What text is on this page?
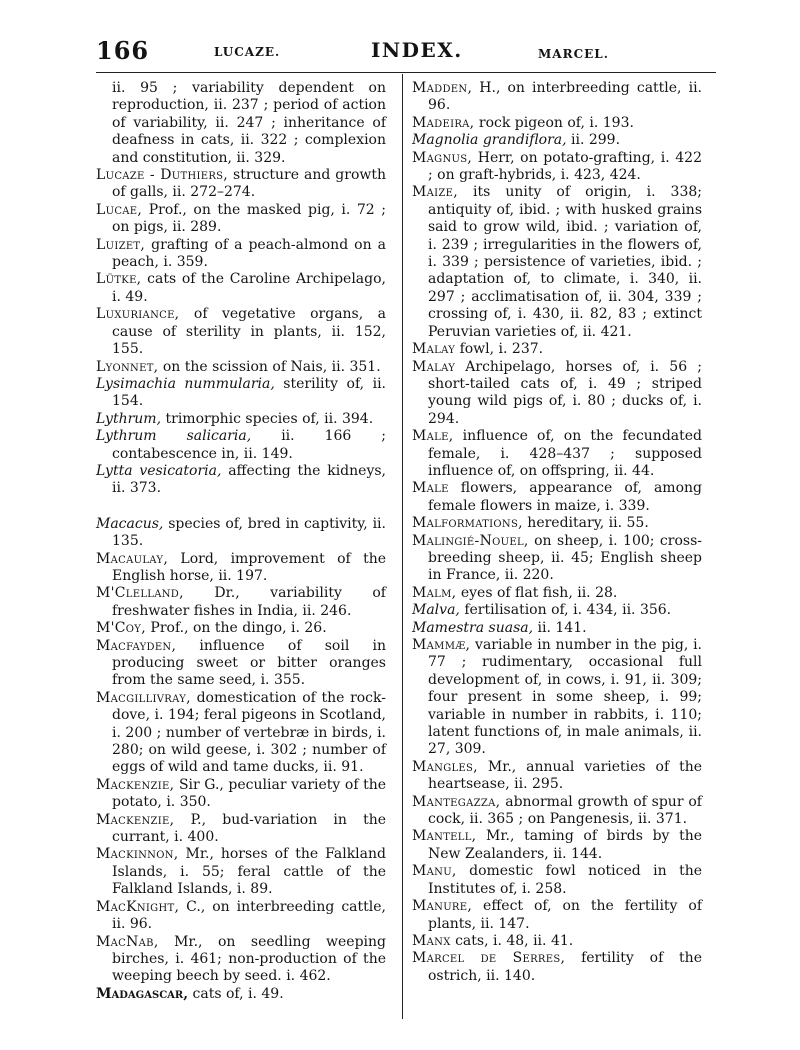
166	LUCAZE.	INDEX.	MARCEL.

ii. 95 ; variability dependent on reproduction, ii. 237 ; period of action of variability, ii. 247 ; inheritance of deafness in cats, ii. 322 ; complexion and constitution, ii. 329.

Lucaze - Duthiers, structure and growth of galls, ii. 272–274.

Lucae, Prof., on the masked pig, i. 72 ; on pigs, ii. 289.

Luizet, grafting of a peach-almond on a peach, i. 359.

Lütke, cats of the Caroline Archipelago, i. 49.

Luxuriance, of vegetative organs, a cause of sterility in plants, ii. 152, 155.

Lyonnet, on the scission of Nais, ii. 351.

Lysimachia nummularia, sterility of, ii. 154.

Lythrum, trimorphic species of, ii. 394.

Lythrum salicaria, ii. 166 ; contabescence in, ii. 149.

Lytta vesicatoria, affecting the kidneys, ii. 373.

Macacus, species of, bred in captivity, ii. 135.

Macaulay, Lord, improvement of the English horse, ii. 197.

M'Clelland, Dr., variability of freshwater fishes in India, ii. 246.

M'Coy, Prof., on the dingo, i. 26.

Macfayden, influence of soil in producing sweet or bitter oranges from the same seed, i. 355.

Macgillivray, domestication of the rock-dove, i. 194; feral pigeons in Scotland, i. 200 ; number of vertebræ in birds, i. 280; on wild geese, i. 302 ; number of eggs of wild and tame ducks, ii. 91.

Mackenzie, Sir G., peculiar variety of the potato, i. 350.

Mackenzie, P., bud-variation in the currant, i. 400.

Mackinnon, Mr., horses of the Falkland Islands, i. 55; feral cattle of the Falkland Islands, i. 89.

MacKnight, C., on interbreeding cattle, ii. 96.

MacNab, Mr., on seedling weeping birches, i. 461; non-production of the weeping beech by seed. i. 462.

Madagascar, cats of, i. 49.

Madden, H., on interbreeding cattle, ii. 96.

Madeira, rock pigeon of, i. 193.

Magnolia grandiflora, ii. 299.

Magnus, Herr, on potato-grafting, i. 422 ; on graft-hybrids, i. 423, 424.

Maize, its unity of origin, i. 338; antiquity of, ibid. ; with husked grains said to grow wild, ibid. ; variation of, i. 239 ; irregularities in the flowers of, i. 339 ; persistence of varieties, ibid. ; adaptation of, to climate, i. 340, ii. 297 ; acclimatisation of, ii. 304, 339 ; crossing of, i. 430, ii. 82, 83 ; extinct Peruvian varieties of, ii. 421.

Malay fowl, i. 237.

Malay Archipelago, horses of, i. 56 ; short-tailed cats of, i. 49 ; striped young wild pigs of, i. 80 ; ducks of, i. 294.

Male, influence of, on the fecundated female, i. 428–437 ; supposed influence of, on offspring, ii. 44.

Male flowers, appearance of, among female flowers in maize, i. 339.

Malformations, hereditary, ii. 55.

Malingié-Nouel, on sheep, i. 100; cross-breeding sheep, ii. 45; English sheep in France, ii. 220.

Malm, eyes of flat fish, ii. 28.

Malva, fertilisation of, i. 434, ii. 356.

Mamestra suasa, ii. 141.

Mammæ, variable in number in the pig, i. 77 ; rudimentary, occasional full development of, in cows, i. 91, ii. 309; four present in some sheep, i. 99; variable in number in rabbits, i. 110; latent functions of, in male animals, ii. 27, 309.

Mangles, Mr., annual varieties of the heartsease, ii. 295.

Mantegazza, abnormal growth of spur of cock, ii. 365 ; on Pangenesis, ii. 371.

Mantell, Mr., taming of birds by the New Zealanders, ii. 144.

Manu, domestic fowl noticed in the Institutes of, i. 258.

Manure, effect of, on the fertility of plants, ii. 147.

Manx cats, i. 48, ii. 41.

Marcel de Serres, fertility of the ostrich, ii. 140.
